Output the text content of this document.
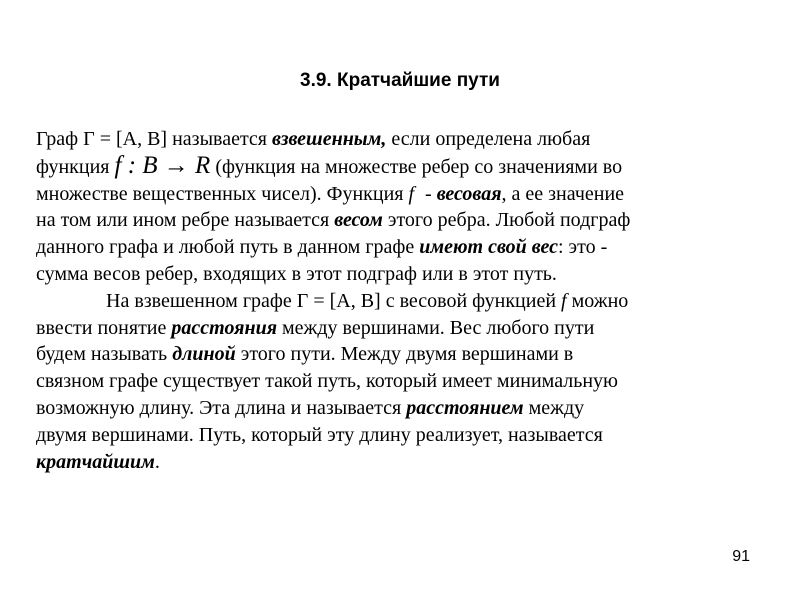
3.9. Кратчайшие пути
Граф Γ = [A, B] называется взвешенным, если определена любая
функция f : B → R (функция на множестве ребер со значениями во
множестве вещественных чисел). Функция f - весовая, а ее значение
на том или ином ребре называется весом этого ребра. Любой подграф
данного графа и любой путь в данном графе имеют свой вес: это -
сумма весов ребер, входящих в этот подграф или в этот путь.
На взвешенном графе Γ = [A, B] с весовой функцией f можно
ввести понятие расстояния между вершинами. Вес любого пути
будем называть длиной этого пути. Между двумя вершинами в
связном графе существует такой путь, который имеет минимальную
возможную длину. Эта длина и называется расстоянием между
двумя вершинами. Путь, который эту длину реализует, называется
кратчайшим.
91
